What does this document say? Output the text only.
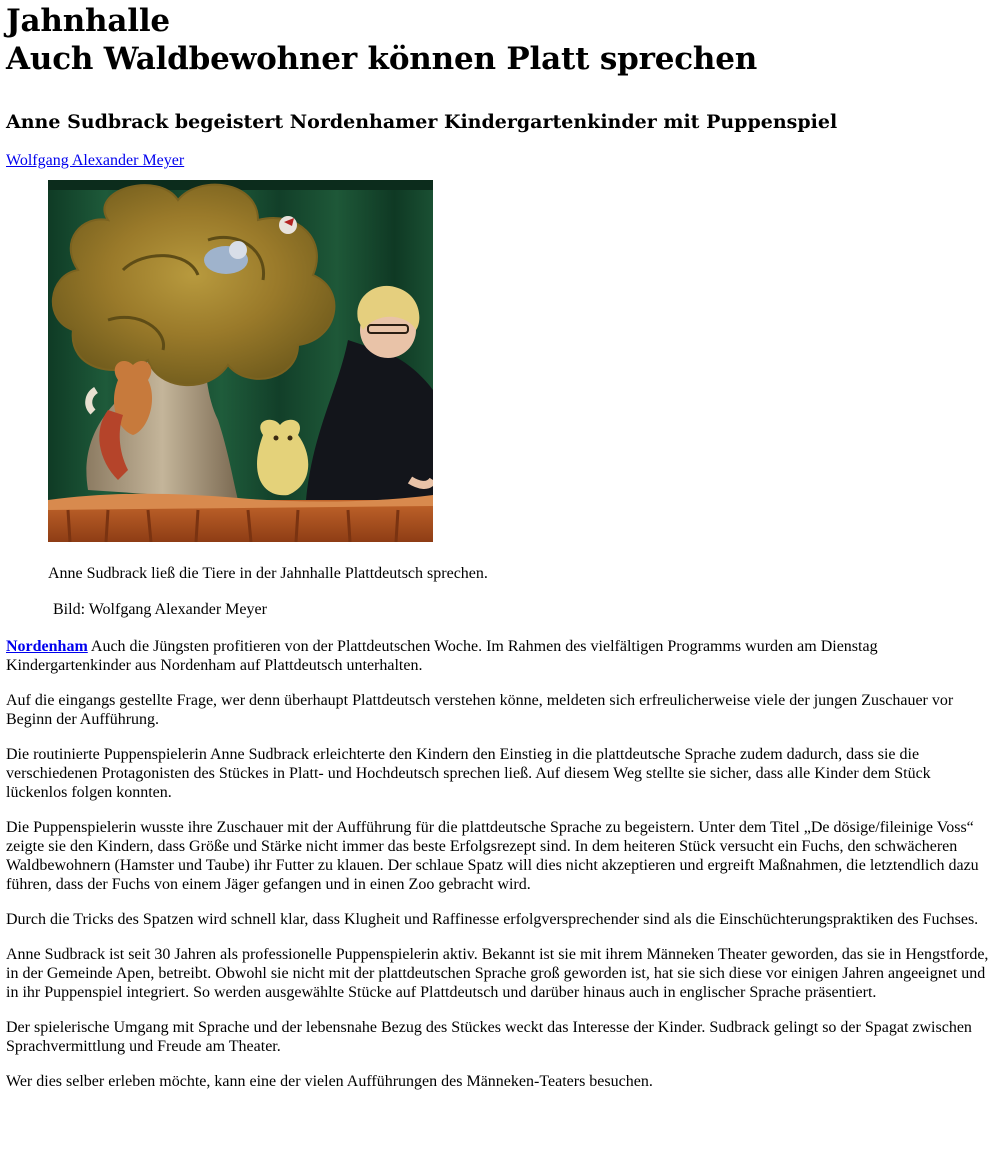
Jahnhalle
Auch Waldbewohner können Platt sprechen
Anne Sudbrack begeistert Nordenhamer Kindergartenkinder mit Puppenspiel
Wolfgang Alexander Meyer
Anne Sudbrack ließ die Tiere in der Jahnhalle Plattdeutsch sprechen.
Bild: Wolfgang Alexander Meyer

Nordenham Auch die Jüngsten profitieren von der Plattdeutschen Woche. Im Rahmen des vielfältigen Programms wurden am Dienstag Kindergartenkinder aus Nordenham auf Plattdeutsch unterhalten.

Auf die eingangs gestellte Frage, wer denn überhaupt Plattdeutsch verstehen könne, meldeten sich erfreulicherweise viele der jungen Zuschauer vor Beginn der Aufführung.

Die routinierte Puppenspielerin Anne Sudbrack erleichterte den Kindern den Einstieg in die plattdeutsche Sprache zudem dadurch, dass sie die verschiedenen Protagonisten des Stückes in Platt- und Hochdeutsch sprechen ließ. Auf diesem Weg stellte sie sicher, dass alle Kinder dem Stück lückenlos folgen konnten.

Die Puppenspielerin wusste ihre Zuschauer mit der Aufführung für die plattdeutsche Sprache zu begeistern. Unter dem Titel „De dösige/fileinige Voss“ zeigte sie den Kindern, dass Größe und Stärke nicht immer das beste Erfolgsrezept sind. In dem heiteren Stück versucht ein Fuchs, den schwächeren Waldbewohnern (Hamster und Taube) ihr Futter zu klauen. Der schlaue Spatz will dies nicht akzeptieren und ergreift Maßnahmen, die letztendlich dazu führen, dass der Fuchs von einem Jäger gefangen und in einen Zoo gebracht wird.

Durch die Tricks des Spatzen wird schnell klar, dass Klugheit und Raffinesse erfolgversprechender sind als die Einschüchterungspraktiken des Fuchses.

Anne Sudbrack ist seit 30 Jahren als professionelle Puppenspielerin aktiv. Bekannt ist sie mit ihrem Männeken Theater geworden, das sie in Hengstforde, in der Gemeinde Apen, betreibt. Obwohl sie nicht mit der plattdeutschen Sprache groß geworden ist, hat sie sich diese vor einigen Jahren angeeignet und in ihr Puppenspiel integriert. So werden ausgewählte Stücke auf Plattdeutsch und darüber hinaus auch in englischer Sprache präsentiert.

Der spielerische Umgang mit Sprache und der lebensnahe Bezug des Stückes weckt das Interesse der Kinder. Sudbrack gelingt so der Spagat zwischen Sprachvermittlung und Freude am Theater.

Wer dies selber erleben möchte, kann eine der vielen Aufführungen des Männeken-Teaters besuchen.
